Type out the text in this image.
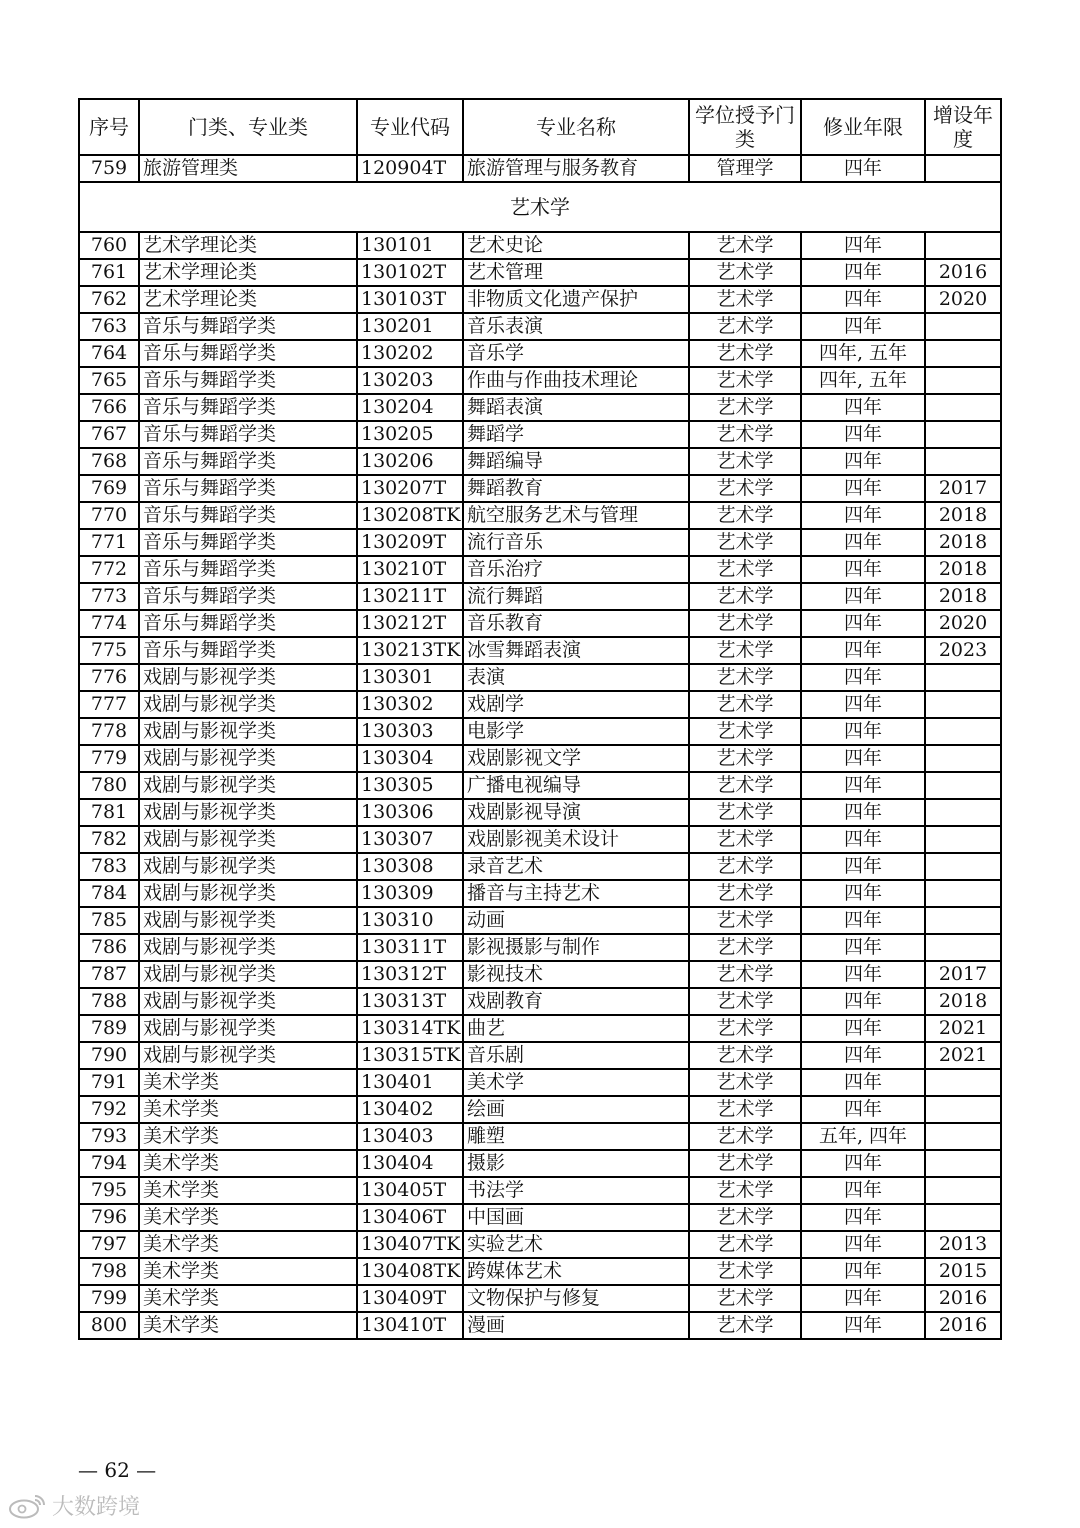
序号	门类、专业类	专业代码	专业名称	学位授予门类	修业年限	增设年度
759	旅游管理类	120904T	旅游管理与服务教育	管理学	四年	
艺术学						
760	艺术学理论类	130101	艺术史论	艺术学	四年	
761	艺术学理论类	130102T	艺术管理	艺术学	四年	2016
762	艺术学理论类	130103T	非物质文化遗产保护	艺术学	四年	2020
763	音乐与舞蹈学类	130201	音乐表演	艺术学	四年	
764	音乐与舞蹈学类	130202	音乐学	艺术学	四年, 五年	
765	音乐与舞蹈学类	130203	作曲与作曲技术理论	艺术学	四年, 五年	
766	音乐与舞蹈学类	130204	舞蹈表演	艺术学	四年	
767	音乐与舞蹈学类	130205	舞蹈学	艺术学	四年	
768	音乐与舞蹈学类	130206	舞蹈编导	艺术学	四年	
769	音乐与舞蹈学类	130207T	舞蹈教育	艺术学	四年	2017
770	音乐与舞蹈学类	130208TK	航空服务艺术与管理	艺术学	四年	2018
771	音乐与舞蹈学类	130209T	流行音乐	艺术学	四年	2018
772	音乐与舞蹈学类	130210T	音乐治疗	艺术学	四年	2018
773	音乐与舞蹈学类	130211T	流行舞蹈	艺术学	四年	2018
774	音乐与舞蹈学类	130212T	音乐教育	艺术学	四年	2020
775	音乐与舞蹈学类	130213TK	冰雪舞蹈表演	艺术学	四年	2023
776	戏剧与影视学类	130301	表演	艺术学	四年	
777	戏剧与影视学类	130302	戏剧学	艺术学	四年	
778	戏剧与影视学类	130303	电影学	艺术学	四年	
779	戏剧与影视学类	130304	戏剧影视文学	艺术学	四年	
780	戏剧与影视学类	130305	广播电视编导	艺术学	四年	
781	戏剧与影视学类	130306	戏剧影视导演	艺术学	四年	
782	戏剧与影视学类	130307	戏剧影视美术设计	艺术学	四年	
783	戏剧与影视学类	130308	录音艺术	艺术学	四年	
784	戏剧与影视学类	130309	播音与主持艺术	艺术学	四年	
785	戏剧与影视学类	130310	动画	艺术学	四年	
786	戏剧与影视学类	130311T	影视摄影与制作	艺术学	四年	
787	戏剧与影视学类	130312T	影视技术	艺术学	四年	2017
788	戏剧与影视学类	130313T	戏剧教育	艺术学	四年	2018
789	戏剧与影视学类	130314TK	曲艺	艺术学	四年	2021
790	戏剧与影视学类	130315TK	音乐剧	艺术学	四年	2021
791	美术学类	130401	美术学	艺术学	四年	
792	美术学类	130402	绘画	艺术学	四年	
793	美术学类	130403	雕塑	艺术学	五年, 四年	
794	美术学类	130404	摄影	艺术学	四年	
795	美术学类	130405T	书法学	艺术学	四年	
796	美术学类	130406T	中国画	艺术学	四年	
797	美术学类	130407TK	实验艺术	艺术学	四年	2013
798	美术学类	130408TK	跨媒体艺术	艺术学	四年	2015
799	美术学类	130409T	文物保护与修复	艺术学	四年	2016
800	美术学类	130410T	漫画	艺术学	四年	2016
— 62 —
大数跨境
